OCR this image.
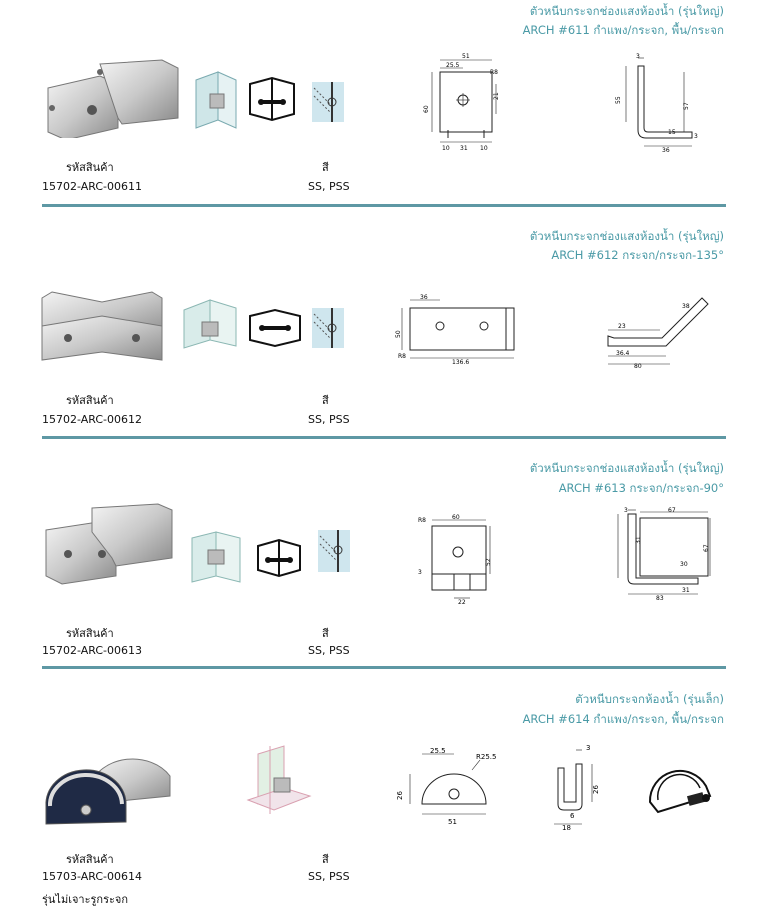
ตัวหนีบกระจกช่องแสงห้องน้ำ (รุ่นใหญ่)
ARCH #611 กำแพง/กระจก, พื้น/กระจก
51
25.5
R8
21
60
10 31 10
3
55
57
15
36
3
รหัสสินค้า	สี
15702-ARC-00611	SS, PSS
ตัวหนีบกระจกช่องแสงห้องน้ำ (รุ่นใหญ่)
ARCH #612 กระจก/กระจก-135°
36
50
136.6
R8
23
36.4
80
38
รหัสสินค้า	สี
15702-ARC-00612	SS, PSS
ตัวหนีบกระจกช่องแสงห้องน้ำ (รุ่นใหญ่)
ARCH #613 กระจก/กระจก-90°
R8	60
52
22
3
3	67
31
30
67
83
31
รหัสสินค้า	สี
15702-ARC-00613	SS, PSS
ตัวหนีบกระจกห้องน้ำ (รุ่นเล็ก)
ARCH #614 กำแพง/กระจก, พื้น/กระจก
25.5
R25.5
26
51
3
26
18
6
รหัสสินค้า	สี
15703-ARC-00614	SS, PSS
รุ่นไม่เจาะรูกระจก
